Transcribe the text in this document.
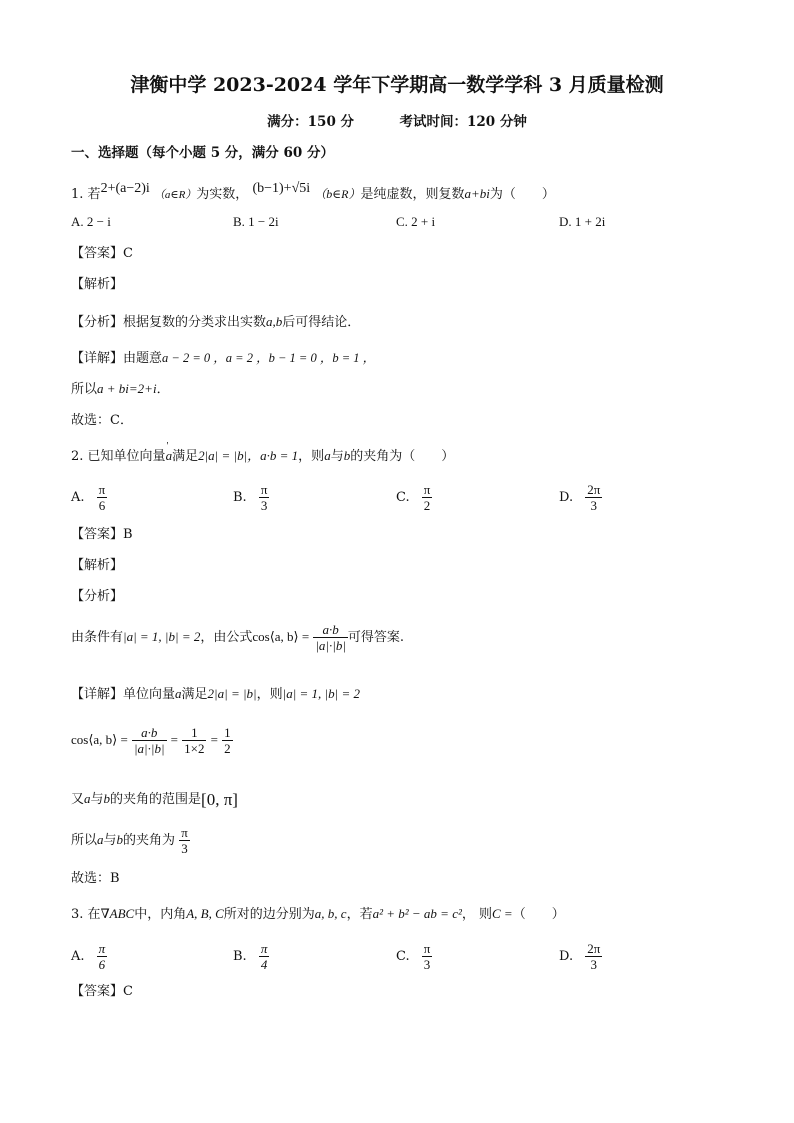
津衡中学 2023-2024 学年下学期高一数学学科 3 月质量检测
满分：150 分	考试时间：120 分钟
一、选择题（每个小题 5 分，满分 60 分）
1. 若2+(a−2)i （a∈R）为实数， (b−1)+√5i （b∈R）是纯虚数，则复数a+bi为（　　）
A. 2 − i	B. 1 − 2i	C. 2 + i	D. 1 + 2i
【答案】C
【解析】
【分析】根据复数的分类求出实数a,b后可得结论．
【详解】由题意a − 2 = 0 ，a = 2 ，b − 1 = 0 ，b = 1 ，
所以a + bi=2+i．
故选：C．
2. 已知单位向量' a满足2|a| = |b|，a·b = 1，则a与b的夹角为（　　）
A. $\frac{\pi}{6}$	B. $\frac{\pi}{3}$	C. $\frac{\pi}{2}$	D. $\frac{2\pi}{3}$
【答案】B
【解析】
【分析】
由条件有|a| = 1, |b| = 2，由公式cos⟨a, b⟩ = $\frac{a\cdot b}{|a|\cdot|b|}$ 可得答案.
【详解】单位向量a满足2|a| = |b|，则|a| = 1, |b| = 2
cos⟨a, b⟩ = $\frac{a\cdot b}{|a|\cdot|b|} = \frac{1}{1\times 2} = \frac{1}{2}$
又a与b的夹角的范围是[0, π]
所以a与b的夹角为 $\frac{\pi}{3}$
故选：B
3. 在∇ABC中，内角A, B, C所对的边分别为a, b, c，若a² + b² − ab = c²， 则C =（　　）
A. $\frac{\pi}{6}$	B. $\frac{\pi}{4}$	C. $\frac{\pi}{3}$	D. $\frac{2\pi}{3}$
【答案】C
